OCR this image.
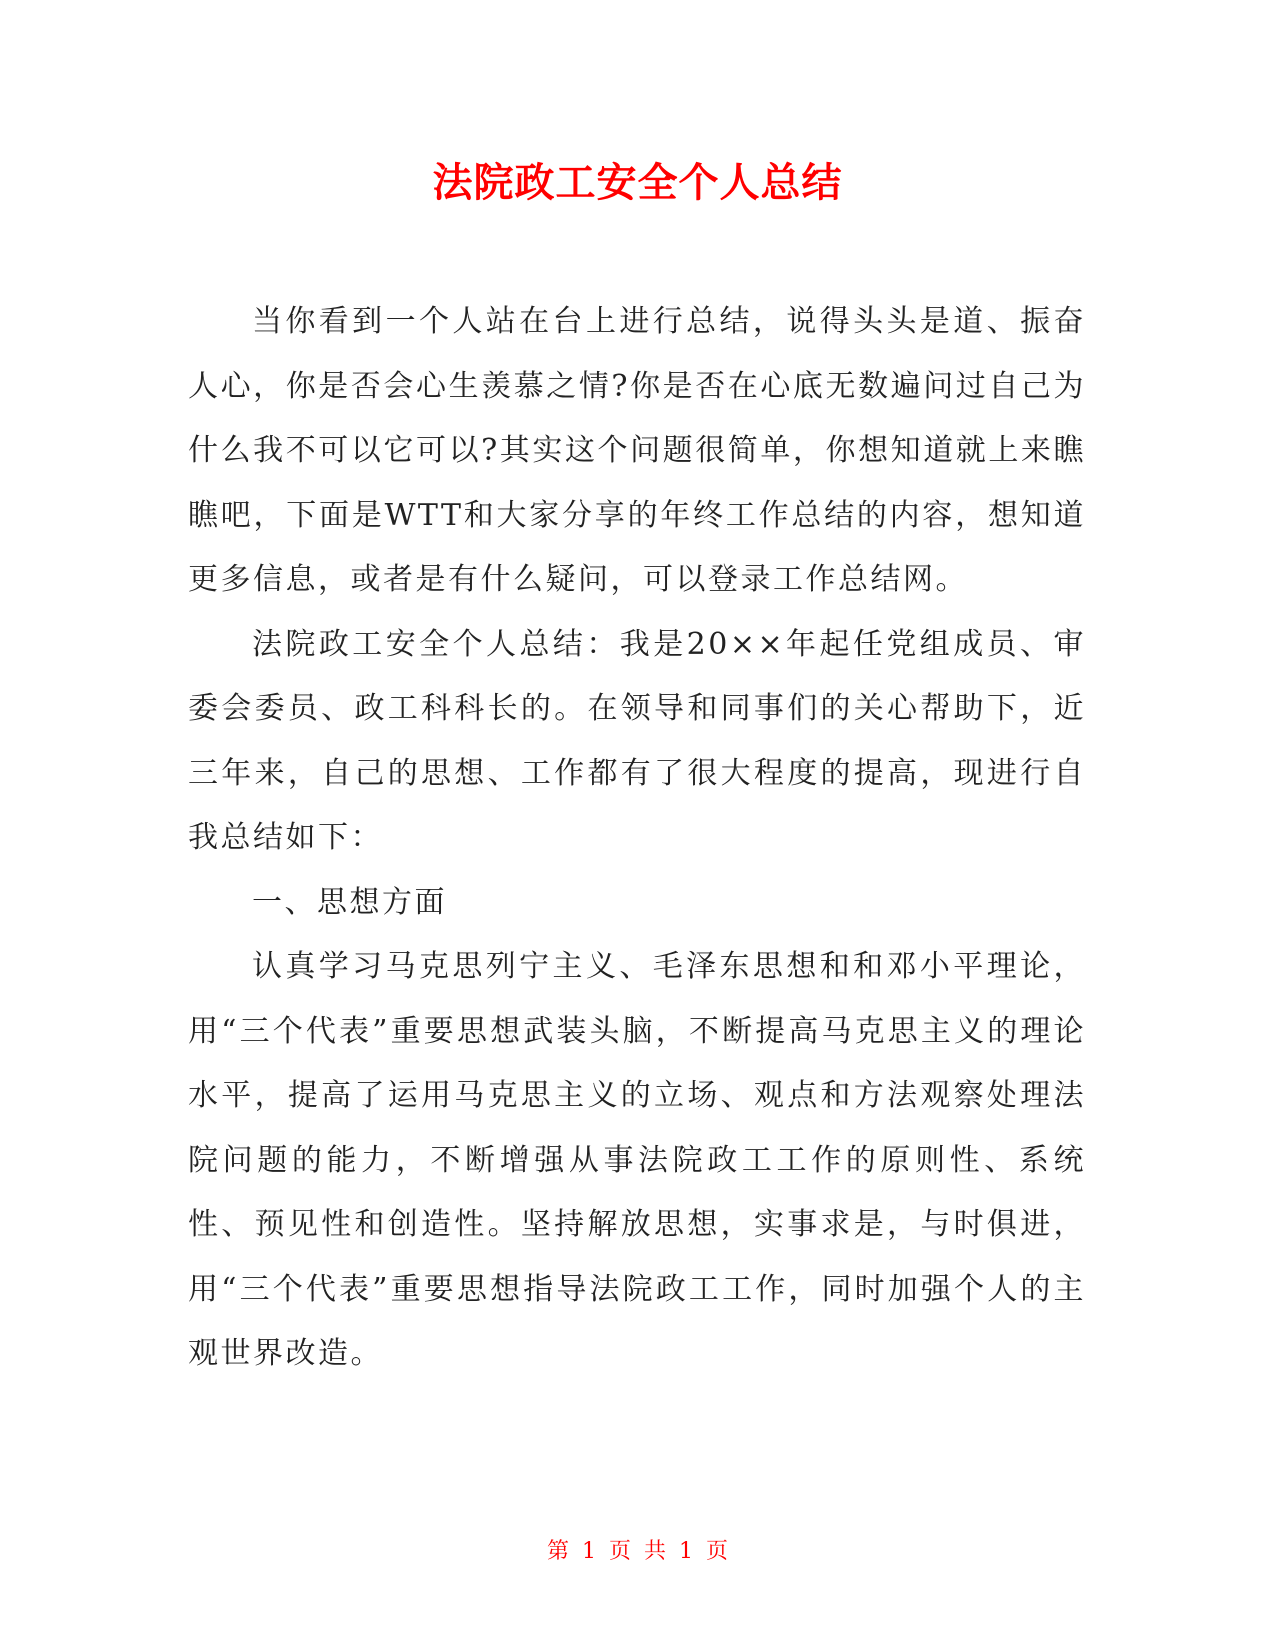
法院政工安全个人总结

当你看到一个人站在台上进行总结，说得头头是道、振奋人心，你是否会心生羡慕之情?你是否在心底无数遍问过自己为什么我不可以它可以?其实这个问题很简单，你想知道就上来瞧瞧吧，下面是WTT和大家分享的年终工作总结的内容，想知道更多信息，或者是有什么疑问，可以登录工作总结网。

法院政工安全个人总结：我是20××年起任党组成员、审委会委员、政工科科长的。在领导和同事们的关心帮助下，近三年来，自己的思想、工作都有了很大程度的提高，现进行自我总结如下：

一、思想方面

认真学习马克思列宁主义、毛泽东思想和和邓小平理论，用“三个代表”重要思想武装头脑，不断提高马克思主义的理论水平，提高了运用马克思主义的立场、观点和方法观察处理法院问题的能力，不断增强从事法院政工工作的原则性、系统性、预见性和创造性。坚持解放思想，实事求是，与时俱进，用“三个代表”重要思想指导法院政工工作，同时加强个人的主观世界改造。

第 1 页 共 1 页
